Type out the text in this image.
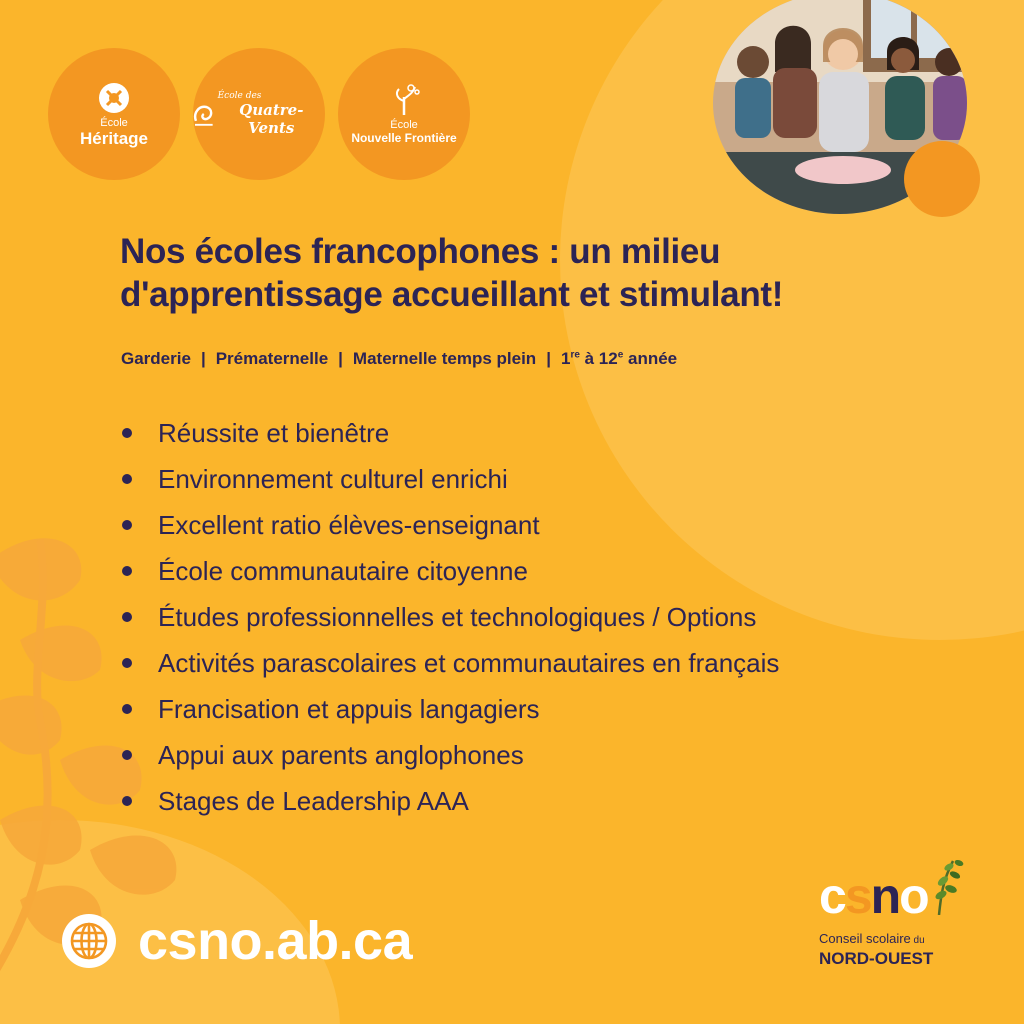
École
Héritage
École des
Quatre-Vents	École
Nouvelle Frontière
Nos écoles francophones : un milieu
d'apprentissage accueillant et stimulant!
Garderie | Prématernelle | Maternelle temps plein | 1re à 12e année
Réussite et bienêtre
Environnement culturel enrichi
Excellent ratio élèves-enseignant
École communautaire citoyenne
Études professionnelles et technologiques / Options
Activités parascolaires et communautaires en français
Francisation et appuis langagiers
Appui aux parents anglophones
Stages de Leadership AAA
csno.ab.ca
csno
Conseil scolaire du
NORD-OUEST
